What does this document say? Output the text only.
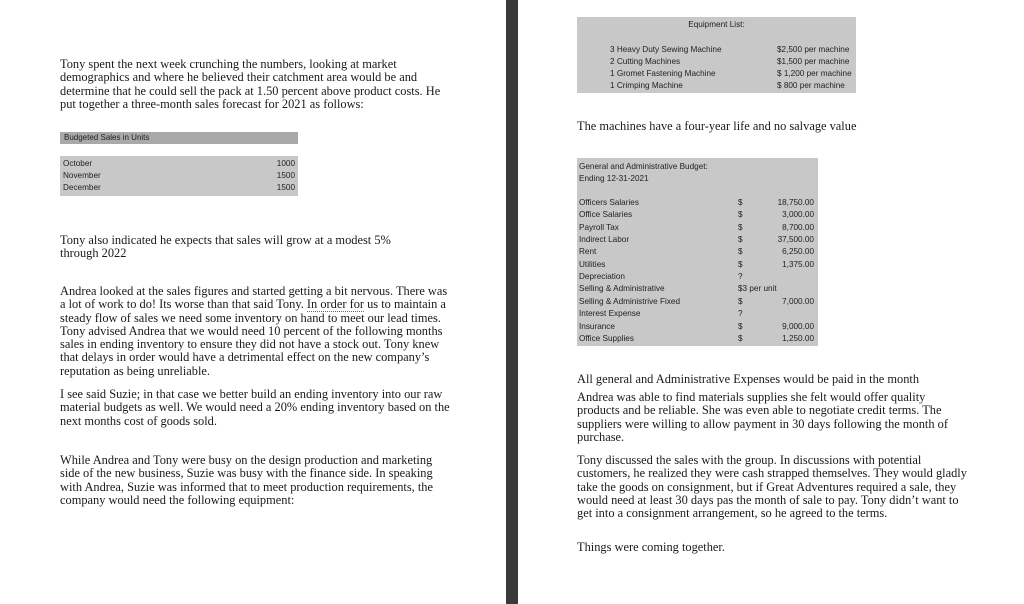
Tony spent the next week crunching the numbers, looking at market demographics and where he believed their catchment area would be and determine that he could sell the pack at 1.50 percent above product costs. He put together a three-month sales forecast for 2021 as follows:

Budgeted Sales in Units
October	1000
November	1500
December	1500

Tony also indicated he expects that sales will grow at a modest 5% through 2022

Andrea looked at the sales figures and started getting a bit nervous. There was a lot of work to do! Its worse than that said Tony. In order for us to maintain a steady flow of sales we need some inventory on hand to meet our lead times. Tony advised Andrea that we would need 10 percent of the following months sales in ending inventory to ensure they did not have a stock out. Tony knew that delays in order would have a detrimental effect on the new company’s reputation as being unreliable.

I see said Suzie; in that case we better build an ending inventory into our raw material budgets as well. We would need a 20% ending inventory based on the next months cost of goods sold.

While Andrea and Tony were busy on the design production and marketing side of the new business, Suzie was busy with the finance side. In speaking with Andrea, Suzie was informed that to meet production requirements, the company would need the following equipment:

Equipment List:
3 Heavy Duty Sewing Machine	$2,500 per machine
2 Cutting Machines	$1,500 per machine
1 Gromet Fastening Machine	$ 1,200 per machine
1 Crimping Machine	$ 800 per machine

The machines have a four-year life and no salvage value

General and Administrative Budget:
Ending 12-31-2021
Officers Salaries	$	18,750.00
Office Salaries	$	3,000.00
Payroll Tax	$	8,700.00
Indirect Labor	$	37,500.00
Rent	$	6,250.00
Utilities	$	1,375.00
Depreciation	?
Selling & Administrative	$3 per unit
Selling & Administrive Fixed	$	7,000.00
Interest Expense	?
Insurance	$	9,000.00
Office Supplies	$	1,250.00

All general and Administrative Expenses would be paid in the month

Andrea was able to find materials supplies she felt would offer quality products and be reliable. She was even able to negotiate credit terms. The suppliers were willing to allow payment in 30 days following the month of purchase.

Tony discussed the sales with the group. In discussions with potential customers, he realized they were cash strapped themselves. They would gladly take the goods on consignment, but if Great Adventures required a sale, they would need at least 30 days pas the month of sale to pay. Tony didn’t want to get into a consignment arrangement, so he agreed to the terms.

Things were coming together.
